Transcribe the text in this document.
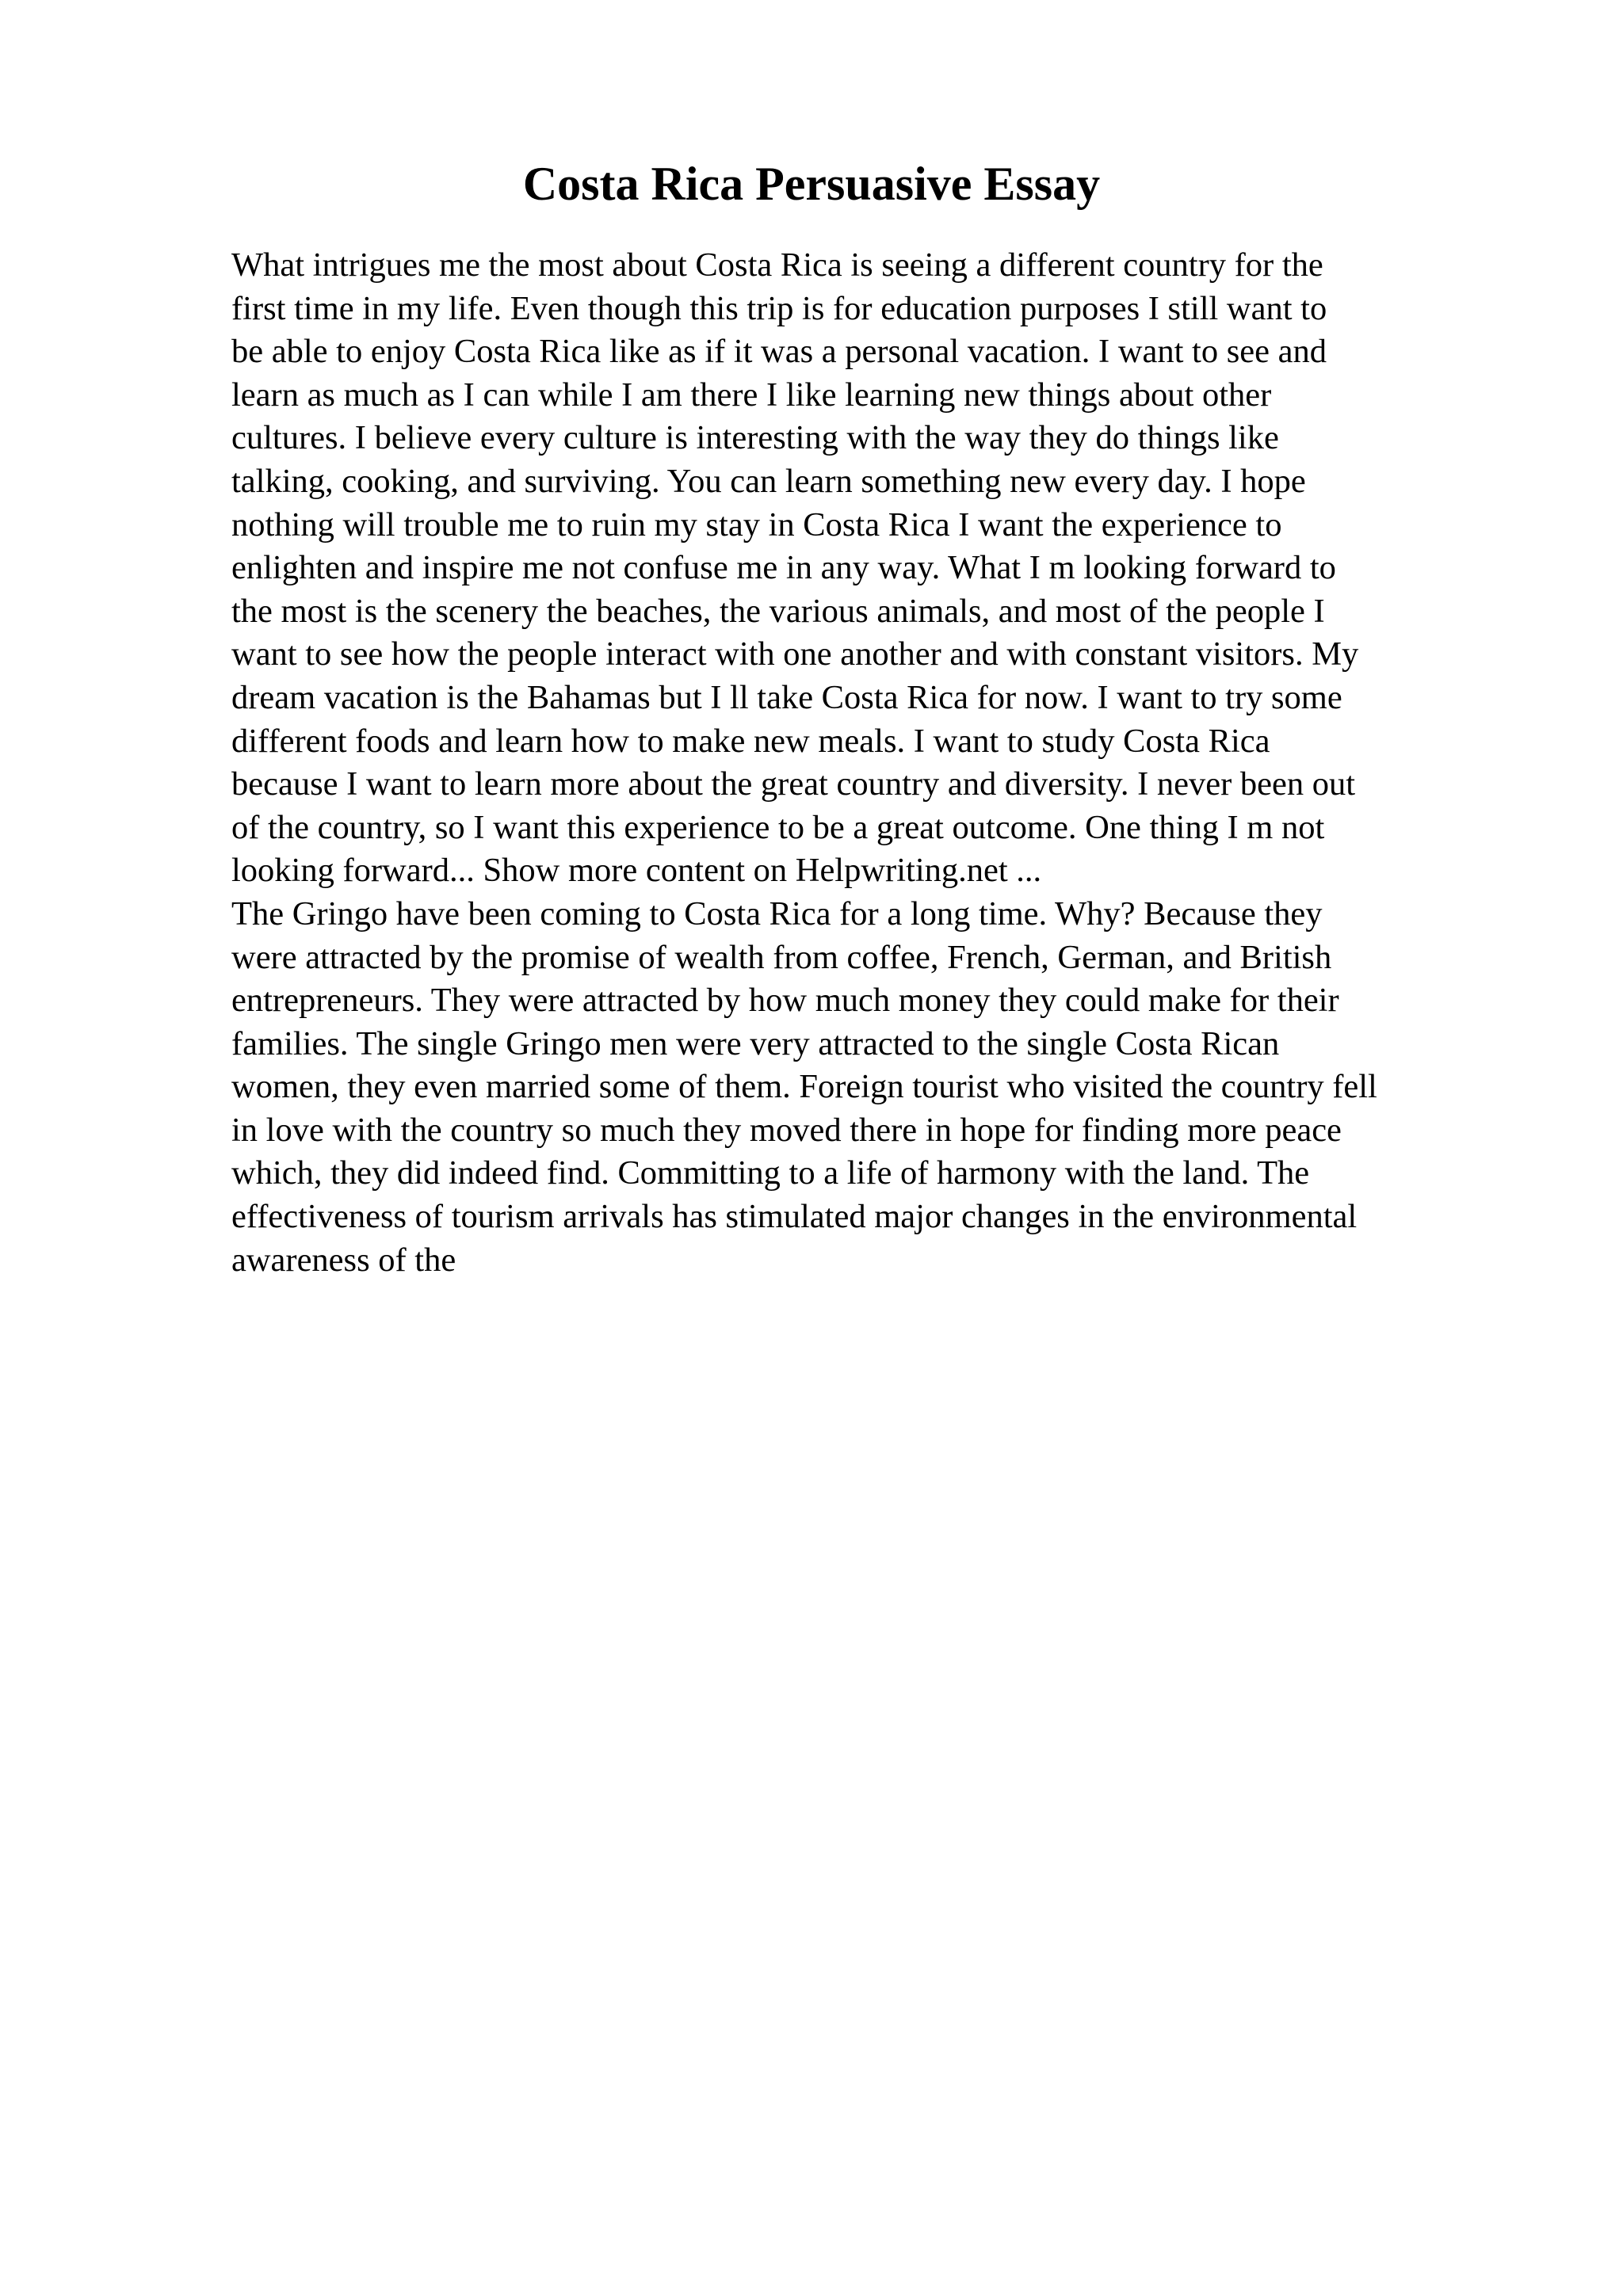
Costa Rica Persuasive Essay
What intrigues me the most about Costa Rica is seeing a different country for the
first time in my life. Even though this trip is for education purposes I still want to
be able to enjoy Costa Rica like as if it was a personal vacation. I want to see and
learn as much as I can while I am there I like learning new things about other
cultures. I believe every culture is interesting with the way they do things like
talking, cooking, and surviving. You can learn something new every day. I hope
nothing will trouble me to ruin my stay in Costa Rica I want the experience to
enlighten and inspire me not confuse me in any way. What I m looking forward to
the most is the scenery the beaches, the various animals, and most of the people I
want to see how the people interact with one another and with constant visitors. My
dream vacation is the Bahamas but I ll take Costa Rica for now. I want to try some
different foods and learn how to make new meals. I want to study Costa Rica
because I want to learn more about the great country and diversity. I never been out
of the country, so I want this experience to be a great outcome. One thing I m not
looking forward... Show more content on Helpwriting.net ...
The Gringo have been coming to Costa Rica for a long time. Why? Because they
were attracted by the promise of wealth from coffee, French, German, and British
entrepreneurs. They were attracted by how much money they could make for their
families. The single Gringo men were very attracted to the single Costa Rican
women, they even married some of them. Foreign tourist who visited the country fell
in love with the country so much they moved there in hope for finding more peace
which, they did indeed find. Committing to a life of harmony with the land. The
effectiveness of tourism arrivals has stimulated major changes in the environmental
awareness of the
